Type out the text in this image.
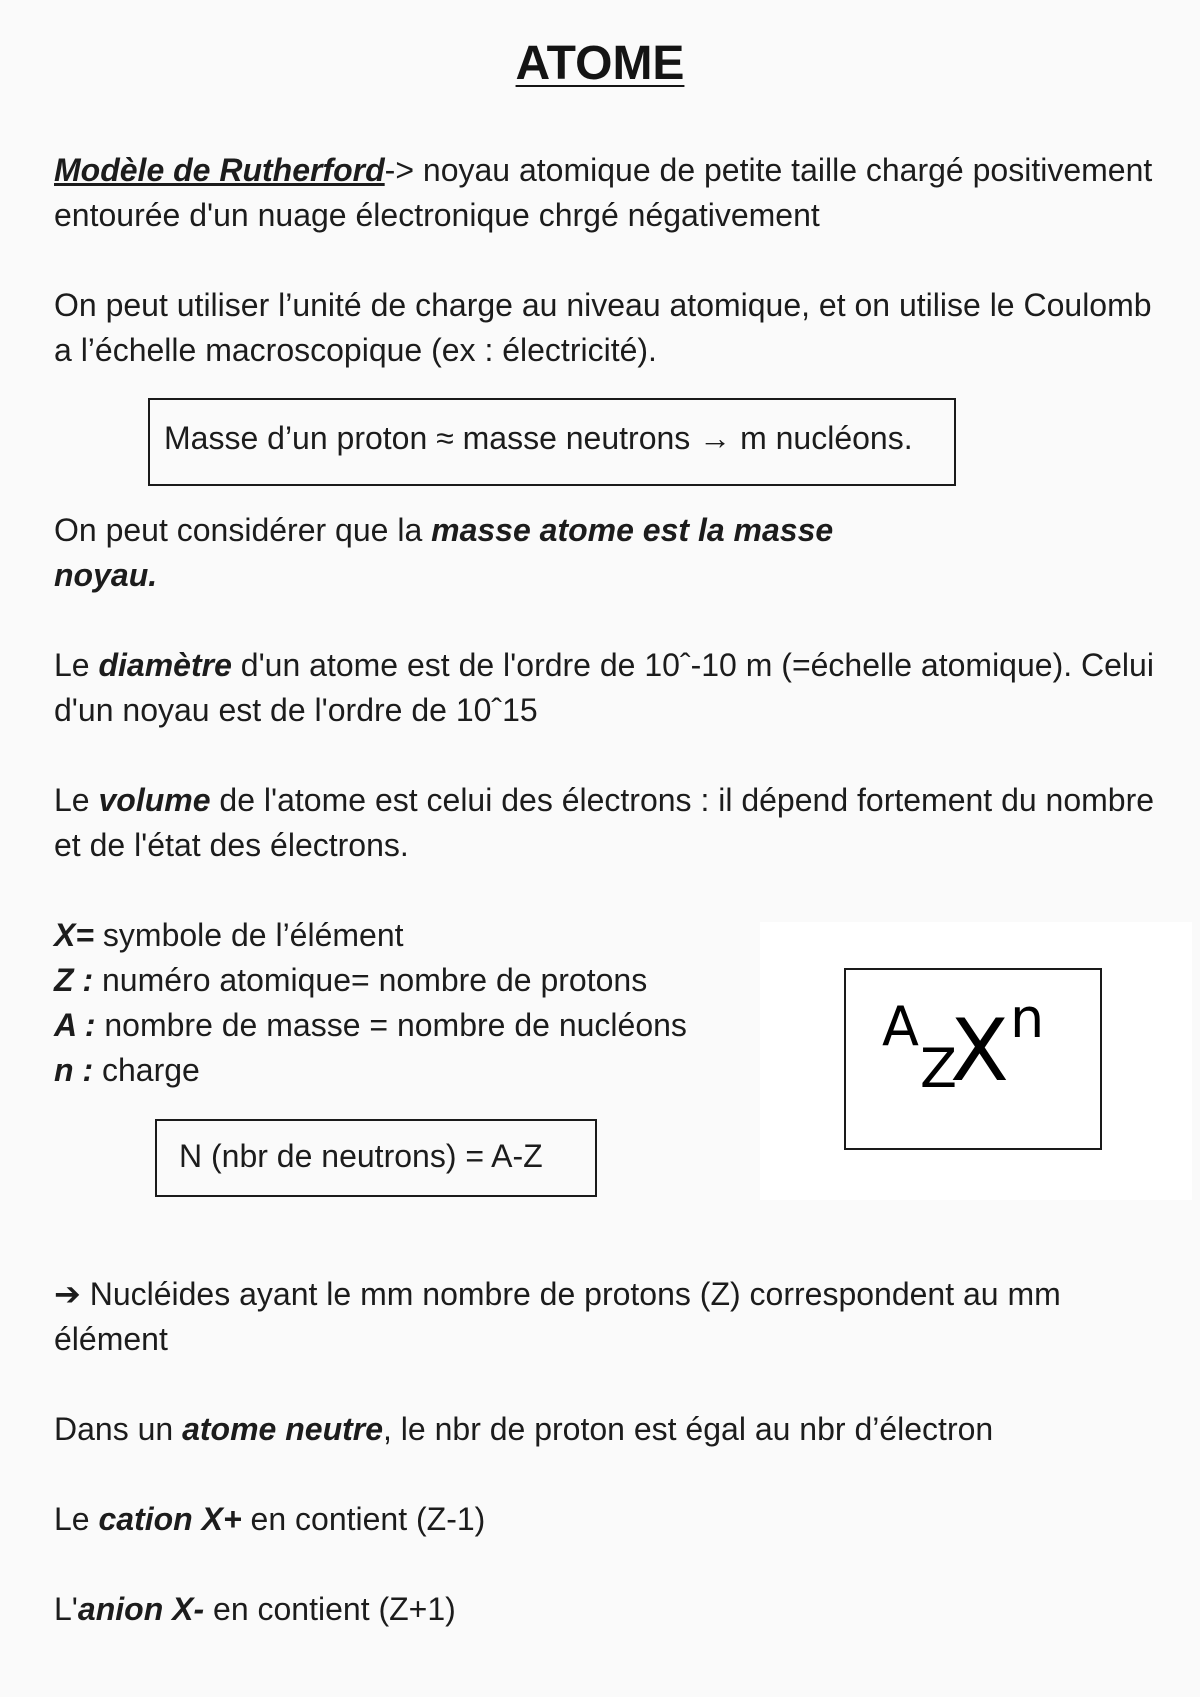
ATOME

Modèle de Rutherford-> noyau atomique de petite taille chargé positivement entourée d'un nuage électronique chrgé négativement

On peut utiliser l’unité de charge au niveau atomique, et on utilise le Coulomb a l’échelle macroscopique (ex : électricité).

Masse d’un proton ≈ masse neutrons → m nucléons.

On peut considérer que la masse atome est la masse noyau.

Le diamètre d'un atome est de l'ordre de 10ˆ-10 m (=échelle atomique). Celui d'un noyau est de l'ordre de 10ˆ15

Le volume de l'atome est celui des électrons : il dépend fortement du nombre et de l'état des électrons.

X= symbole de l’élément
Z : numéro atomique= nombre de protons
A : nombre de masse = nombre de nucléons
n : charge

N (nbr de neutrons) = A-Z
A
Z
X n

➔ Nucléides ayant le mm nombre de protons (Z) correspondent au mm élément

Dans un atome neutre, le nbr de proton est égal au nbr d’électron

Le cation X+ en contient (Z-1)

L'anion X- en contient (Z+1)
